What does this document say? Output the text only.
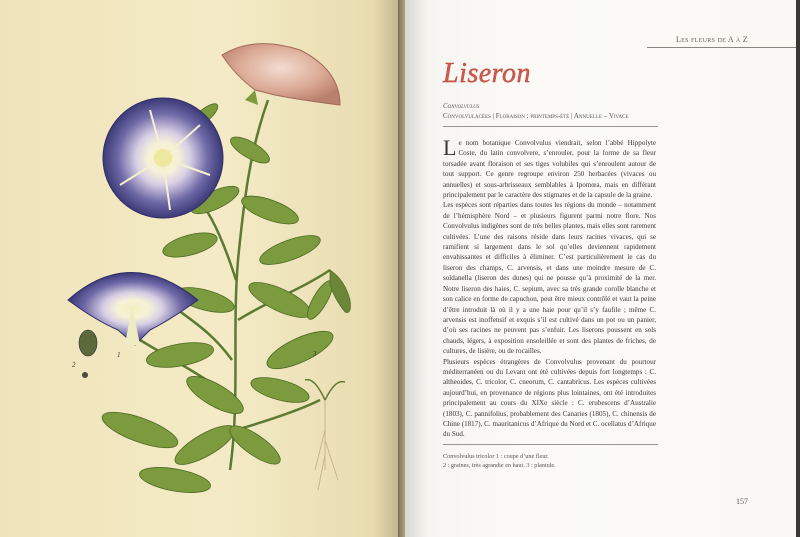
2
1	3
Les fleurs de A à Z
Liseron
Convolvulus
Convolvulacées | Floraison : printemps-été | Annuelle – Vivace

Le nom botanique Convolvulus viendrait, selon l’abbé Hippolyte Coste, du latin convolvere, s’enrouler, pour la forme de sa fleur torsadée avant floraison et ses tiges volubiles qui s’enroulent autour de tout support. Ce genre regroupe environ 250 herbacées (vivaces ou annuelles) et sous-arbrisseaux semblables à Ipomœa, mais en différant principalement par le caractère des stigmates et de la capsule de la graine.

Les espèces sont réparties dans toutes les régions du monde – notamment de l’hémisphère Nord – et plusieurs figurent parmi notre flore. Nos Convolvulus indigènes sont de très belles plantes, mais elles sont rarement cultivées. L’une des raisons réside dans leurs racines vivaces, qui se ramifient si largement dans le sol qu’elles deviennent rapidement envahissantes et difficiles à éliminer. C’est particulièrement le cas du liseron des champs, C. arvensis, et dans une moindre mesure de C. soldanella (liseron des dunes) qui ne pousse qu’à proximité de la mer. Notre liseron des haies, C. sepium, avec sa très grande corolle blanche et son calice en forme de capuchon, peut être mieux contrôlé et vaut la peine d’être introduit là où il y a une haie pour qu’il s’y faufile ; même C. arvensis est inoffensif et exquis s’il est cultivé dans un pot ou un panier, d’où ses racines ne peuvent pas s’enfuir. Les liserons poussent en sols chauds, légers, à exposition ensoleillée et sont des plantes de friches, de cultures, de lisière, ou de rocailles.

Plusieurs espèces étrangères de Convolvulus provenant du pourtour méditerranéen ou du Levant ont été cultivées depuis fort longtemps : C. altheoides, C. tricolor, C. cneorum, C. cantabricus. Les espèces cultivées aujourd’hui, en provenance de régions plus lointaines, ont été introduites principalement au cours du XIXe siècle : C. erubescens d’Australie (1803), C. pannifolius, probablement des Canaries (1805), C. chinensis de Chine (1817), C. mauritanicus d’Afrique du Nord et C. ocellatus d’Afrique du Sud.

Convolvulus tricolor 1 : coupe d’une fleur.

2 : graines, très agrandie en haut. 3 : plantule.

157
